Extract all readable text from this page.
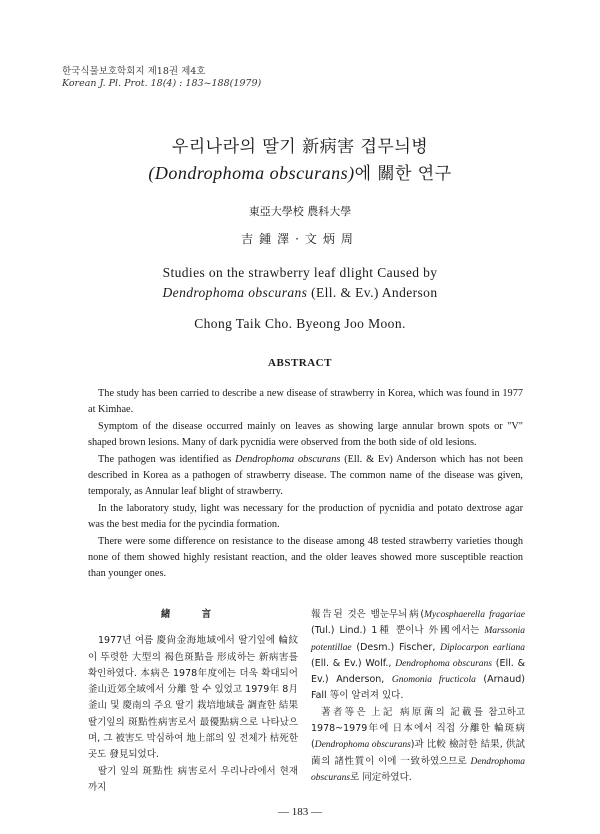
한국식물보호학회지 제18권 제4호
Korean J. Pl. Prot. 18(4) : 183~188(1979)
우리나라의 딸기 新病害 겹무늬병
(Dondrophoma obscurans)에 關한 연구
東亞大學校 農科大學
吉鍾澤·文炳周
Studies on the strawberry leaf dlight Caused by
Dendrophoma obscurans (Ell. & Ev.) Anderson
Chong Taik Cho. Byeong Joo Moon.
ABSTRACT

The study has been carried to describe a new disease of strawberry in Korea, which was found in 1977 at Kimhae.

Symptom of the disease occurred mainly on leaves as showing large annular brown spots or "V" shaped brown lesions. Many of dark pycnidia were observed from the both side of old lesions.

The pathogen was identified as Dendrophoma obscurans (Ell. & Ev) Anderson which has not been described in Korea as a pathogen of strawberry disease. The common name of the disease was given, temporaly, as Annular leaf blight of strawberry.

In the laboratory study, light was necessary for the production of pycnidia and potato dextrose agar was the best media for the pycindia formation.

There were some difference on resistance to the disease among 48 tested strawberry varieties though none of them showed highly resistant reaction, and the older leaves showed more susceptible reaction than younger ones.

緒 言

1977년 여름 慶尙金海地域에서 딸기잎에 輪紋이 뚜렷한 大型의 褐色斑點을 形成하는 新病害를 확인하였다. 本病은 1978年度에는 더욱 확대되어 釜山近郊全域에서 分離 할 수 있었고 1979年 8月釜山 및 慶南의 주요 딸기 栽培地域을 調査한 結果 딸기잎의 斑點性病害로서 最優點病으로 나타났으며, 그 被害도 막심하여 地上部의 잎 전체가 枯死한 곳도 發見되었다.

딸기 잎의 斑點性 病害로서 우리나라에서 현재까지

報告된 것은 뱀눈무늬病(Mycosphaerella fragariae (Tul.) Lind.) 1種 뿐이나 外國에서는 Marssonia potentillae (Desm.) Fischer, Diplocarpon earliana (Ell. & Ev.) Wolf., Dendrophoma obscurans (Ell. & Ev.) Anderson, Gnomonia fructicola (Arnaud) Fall 等이 알려져 있다.

著者等은 上記 病原菌의 記載를 참고하고 1978~1979年에 日本에서 직접 分離한 輪斑病(Dendrophoma obscurans)과 比較 檢討한 結果, 供試菌의 諸性質이 이에 一致하였으므로 Dendrophoma obscurans로 同定하였다.

— 183 —
